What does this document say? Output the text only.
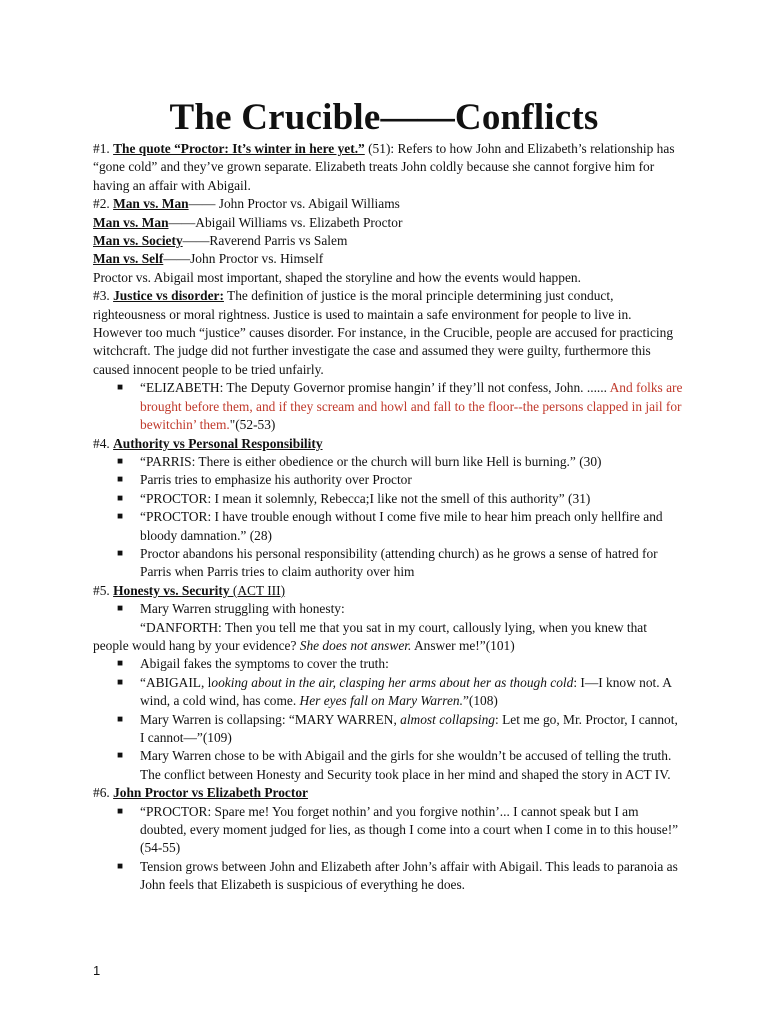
The Crucible——Conflicts

#1. The quote “Proctor: It’s winter in here yet.” (51): Refers to how John and Elizabeth’s relationship has “gone cold” and they’ve grown separate. Elizabeth treats John coldly because she cannot forgive him for having an affair with Abigail.

#2. Man vs. Man—— John Proctor vs. Abigail Williams

Man vs. Man——Abigail Williams vs. Elizabeth Proctor

Man vs. Society——Raverend Parris vs Salem

Man vs. Self——John Proctor vs. Himself

Proctor vs. Abigail most important, shaped the storyline and how the events would happen.

#3. Justice vs disorder: The definition of justice is the moral principle determining just conduct, righteousness or moral rightness. Justice is used to maintain a safe environment for people to live in. However too much “justice” causes disorder. For instance, in the Crucible, people are accused for practicing witchcraft. The judge did not further investigate the case and assumed they were guilty, furthermore this caused innocent people to be tried unfairly.

■ “ELIZABETH: The Deputy Governor promise hangin’ if they’ll not confess, John. ...... And folks are brought before them, and if they scream and howl and fall to the floor--the persons clapped in jail for bewitchin’ them."(52-53)

#4. Authority vs Personal Responsibility

■ “PARRIS: There is either obedience or the church will burn like Hell is burning.” (30)
■ Parris tries to emphasize his authority over Proctor
■ “PROCTOR: I mean it solemnly, Rebecca;I like not the smell of this authority” (31)
■ “PROCTOR: I have trouble enough without I come five mile to hear him preach only hellfire and bloody damnation.” (28)
■ Proctor abandons his personal responsibility (attending church) as he grows a sense of hatred for Parris when Parris tries to claim authority over him

#5. Honesty vs. Security (ACT III)

■ Mary Warren struggling with honesty:

“DANFORTH: Then you tell me that you sat in my court, callously lying, when you knew that people would hang by your evidence? She does not answer. Answer me!”(101)

■ Abigail fakes the symptoms to cover the truth:
■ “ABIGAIL, looking about in the air, clasping her arms about her as though cold: I—I know not. A wind, a cold wind, has come. Her eyes fall on Mary Warren.”(108)
■ Mary Warren is collapsing: “MARY WARREN, almost collapsing: Let me go, Mr. Proctor, I cannot, I cannot—”(109)
■ Mary Warren chose to be with Abigail and the girls for she wouldn’t be accused of telling the truth. The conflict between Honesty and Security took place in her mind and shaped the story in ACT IV.

#6. John Proctor vs Elizabeth Proctor

■ “PROCTOR: Spare me! You forget nothin’ and you forgive nothin’... I cannot speak but I am doubted, every moment judged for lies, as though I come into a court when I come in to this house!” (54-55)
■ Tension grows between John and Elizabeth after John’s affair with Abigail. This leads to paranoia as John feels that Elizabeth is suspicious of everything he does.
1
